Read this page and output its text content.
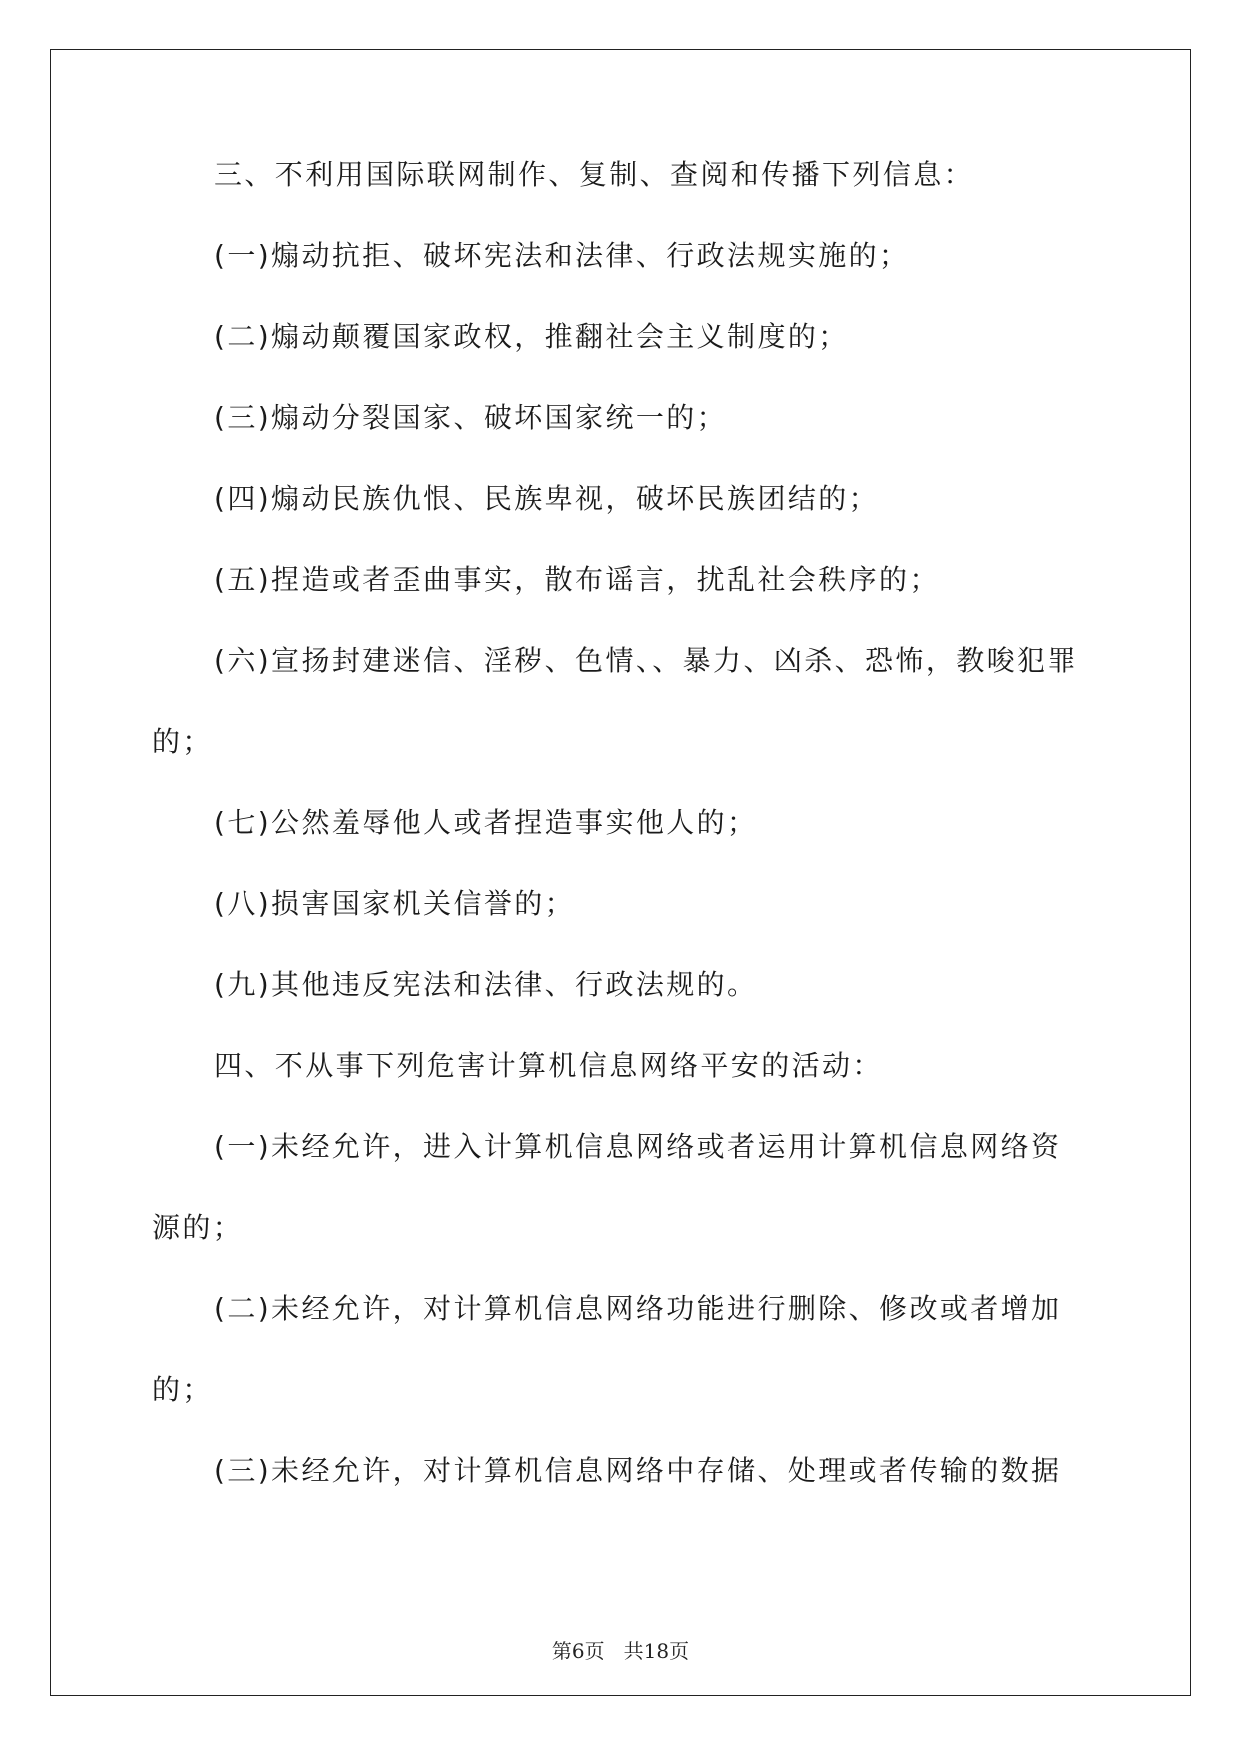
三、不利用国际联网制作、复制、查阅和传播下列信息：
(一)煽动抗拒、破坏宪法和法律、行政法规实施的；
(二)煽动颠覆国家政权，推翻社会主义制度的；
(三)煽动分裂国家、破坏国家统一的；
(四)煽动民族仇恨、民族卑视，破坏民族团结的；
(五)捏造或者歪曲事实，散布谣言，扰乱社会秩序的；
(六)宣扬封建迷信、淫秽、色情、、暴力、凶杀、恐怖，教唆犯罪
的；
(七)公然羞辱他人或者捏造事实他人的；
(八)损害国家机关信誉的；
(九)其他违反宪法和法律、行政法规的。
四、不从事下列危害计算机信息网络平安的活动：
(一)未经允许，进入计算机信息网络或者运用计算机信息网络资
源的；
(二)未经允许，对计算机信息网络功能进行删除、修改或者增加
的；
(三)未经允许，对计算机信息网络中存储、处理或者传输的数据
第6页 共18页
